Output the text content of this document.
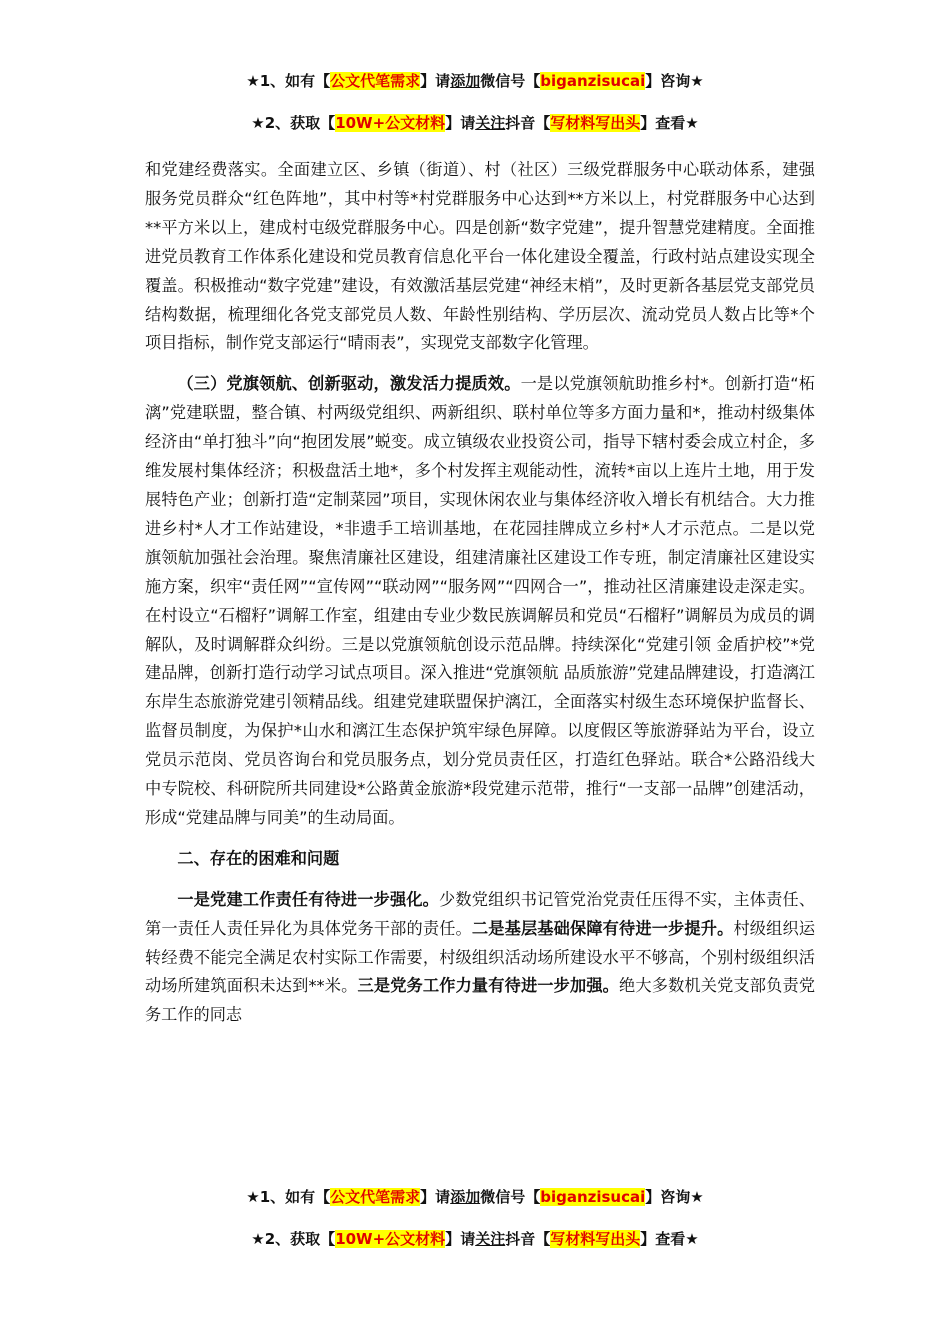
★1、如有【公文代笔需求】请添加微信号【biganzisucai】咨询★
★2、获取【10W+公文材料】请关注抖音【写材料写出头】查看★

和党建经费落实。全面建立区、乡镇（街道）、村（社区）三级党群服务中心联动体系，建强服务党员群众“红色阵地”，其中村等*村党群服务中心达到**方米以上，村党群服务中心达到**平方米以上，建成村屯级党群服务中心。四是创新“数字党建”，提升智慧党建精度。全面推进党员教育工作体系化建设和党员教育信息化平台一体化建设全覆盖，行政村站点建设实现全覆盖。积极推动“数字党建”建设，有效激活基层党建“神经末梢”，及时更新各基层党支部党员结构数据，梳理细化各党支部党员人数、年龄性别结构、学历层次、流动党员人数占比等*个项目指标，制作党支部运行“晴雨表”，实现党支部数字化管理。

（三）党旗领航、创新驱动，激发活力提质效。一是以党旗领航助推乡村*。创新打造“柘漓”党建联盟，整合镇、村两级党组织、两新组织、联村单位等多方面力量和*，推动村级集体经济由“单打独斗”向“抱团发展”蜕变。成立镇级农业投资公司，指导下辖村委会成立村企，多维发展村集体经济；积极盘活土地*，多个村发挥主观能动性，流转*亩以上连片土地，用于发展特色产业；创新打造“定制菜园”项目，实现休闲农业与集体经济收入增长有机结合。大力推进乡村*人才工作站建设，*非遗手工培训基地，在花园挂牌成立乡村*人才示范点。二是以党旗领航加强社会治理。聚焦清廉社区建设，组建清廉社区建设工作专班，制定清廉社区建设实施方案，织牢“责任网”“宣传网”“联动网”“服务网”“四网合一”，推动社区清廉建设走深走实。在村设立“石榴籽”调解工作室，组建由专业少数民族调解员和党员“石榴籽”调解员为成员的调解队，及时调解群众纠纷。三是以党旗领航创设示范品牌。持续深化“党建引领 金盾护校”*党建品牌，创新打造行动学习试点项目。深入推进“党旗领航 品质旅游”党建品牌建设，打造漓江东岸生态旅游党建引领精品线。组建党建联盟保护漓江，全面落实村级生态环境保护监督长、监督员制度，为保护*山水和漓江生态保护筑牢绿色屏障。以度假区等旅游驿站为平台，设立党员示范岗、党员咨询台和党员服务点，划分党员责任区，打造红色驿站。联合*公路沿线大中专院校、科研院所共同建设*公路黄金旅游*段党建示范带，推行“一支部一品牌”创建活动，形成“党建品牌与同美”的生动局面。

二、存在的困难和问题

一是党建工作责任有待进一步强化。少数党组织书记管党治党责任压得不实，主体责任、第一责任人责任异化为具体党务干部的责任。二是基层基础保障有待进一步提升。村级组织运转经费不能完全满足农村实际工作需要，村级组织活动场所建设水平不够高，个别村级组织活动场所建筑面积未达到**米。三是党务工作力量有待进一步加强。绝大多数机关党支部负责党务工作的同志

★1、如有【公文代笔需求】请添加微信号【biganzisucai】咨询★
★2、获取【10W+公文材料】请关注抖音【写材料写出头】查看★
